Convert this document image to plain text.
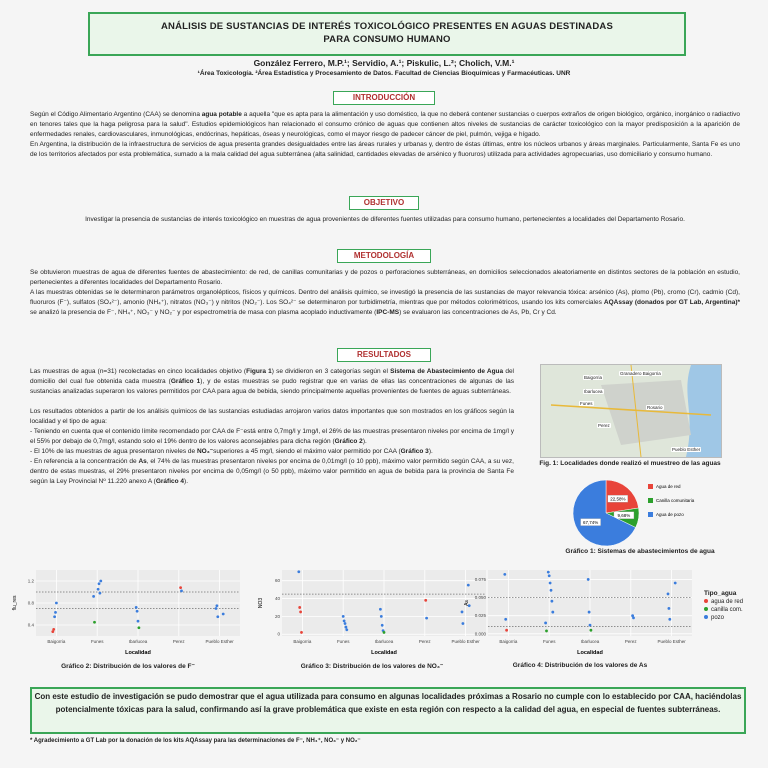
ANÁLISIS DE SUSTANCIAS DE INTERÉS TOXICOLÓGICO PRESENTES EN AGUAS DESTINADAS
PARA CONSUMO HUMANO
González Ferrero, M.P.¹; Servidio, A.¹; Piskulic, L.²; Cholich, V.M.¹
¹Área Toxicología. ²Área Estadística y Procesamiento de Datos. Facultad de Ciencias Bioquímicas y Farmacéuticas. UNR
INTRODUCCIÓN

Según el Código Alimentario Argentino (CAA) se denomina agua potable a aquella "que es apta para la alimentación y uso doméstico, la que no deberá contener sustancias o cuerpos extraños de origen biológico, orgánico, inorgánico o radiactivo en tenores tales que la haga peligrosa para la salud". Estudios epidemiológicos han relacionado el consumo crónico de aguas que contienen altos niveles de sustancias de carácter toxicológico con la mayor predisposición a la aparición de enfermedades renales, cardiovasculares, inmunológicas, endócrinas, hepáticas, óseas y neurológicas, como el mayor riesgo de padecer cáncer de piel, pulmón, vejiga e hígado.

En Argentina, la distribución de la infraestructura de servicios de agua presenta grandes desigualdades entre las áreas rurales y urbanas y, dentro de éstas últimas, entre los núcleos urbanos y áreas marginales. Particularmente, Santa Fe es uno de los territorios afectados por esta problemática, sumado a la mala calidad del agua subterránea (alta salinidad, cantidades elevadas de arsénico y fluoruros) utilizada para actividades agropecuarias, uso domiciliario y consumo humano.

OBJETIVO
Investigar la presencia de sustancias de interés toxicológico en muestras de agua provenientes de diferentes fuentes utilizadas para consumo humano, pertenecientes a localidades del Departamento Rosario.
METODOLOGÍA

Se obtuvieron muestras de agua de diferentes fuentes de abastecimiento: de red, de canillas comunitarias y de pozos o perforaciones subterráneas, en domicilios seleccionados aleatoriamente en distintos sectores de la población en estudio, pertenecientes a diferentes localidades del Departamento Rosario.

A las muestras obtenidas se le determinaron parámetros organolépticos, físicos y químicos. Dentro del análisis químico, se investigó la presencia de las sustancias de mayor relevancia tóxica: arsénico (As), plomo (Pb), cromo (Cr), cadmio (Cd), fluoruros (F⁻), sulfatos (SO₄²⁻), amonio (NH₄⁺), nitratos (NO₃⁻) y nitritos (NO₂⁻). Los SO₄²⁻ se determinaron por turbidimetría, mientras que por métodos colorimétricos, usando los kits comerciales AQAssay (donados por GT Lab, Argentina)* se analizó la presencia de F⁻, NH₄⁺, NO₃⁻ y NO₂⁻ y por espectrometría de masa con plasma acoplado inductivamente (IPC-MS) se evaluaron las concentraciones de As, Pb, Cr y Cd.

RESULTADOS

Las muestras de agua (n=31) recolectadas en cinco localidades objetivo (Figura 1) se dividieron en 3 categorías según el Sistema de Abastecimiento de Agua del domicilio del cual fue obtenida cada muestra (Gráfico 1), y de estas muestras se pudo registrar que en varias de ellas las concentraciones de algunas de las sustancias analizadas superaron los valores permitidos por CAA para agua de bebida, siendo principalmente aquellas provenientes de fuentes de aguas subterráneas.

Los resultados obtenidos a partir de los análisis químicos de las sustancias estudiadas arrojaron varios datos importantes que son mostrados en los gráficos según la localidad y el tipo de agua:

- Teniendo en cuenta que el contenido límite recomendado por CAA de F⁻está entre 0,7mg/l y 1mg/l, el 26% de las muestras presentaron niveles por encima de 1mg/l y el 55% por debajo de 0,7mg/l, estando solo el 19% dentro de los valores aconsejables para dicha región (Gráfico 2).

- El 10% de las muestras de agua presentaron niveles de NO₃⁻superiores a 45 mg/l, siendo el máximo valor permitido por CAA (Gráfico 3).

- En referencia a la concentración de As, el 74% de las muestras presentaron niveles por encima de 0,01mg/l (o 10 ppb), máximo valor permitido según CAA, a su vez, dentro de estas muestras, el 29% presentaron niveles por encima de 0,05mg/l (o 50 ppb), máximo valor permitido en agua de bebida para la provincia de Santa Fe según la Ley Provincial Nº 11.220 anexo A (Gráfico 4).

Baigorria
Granadero Baigorria
Ibarlucea
Funes
Rosario
Perez
Pueblo Esther
Fig. 1: Localidades donde realizó el muestreo de las aguas
22,58%
9,68%
67,74%
Agua de red
Canilla comunitaria
Agua de pozo
Gráfico 1: Sistemas de abastecimientos de agua
0.4
0.8
1.2
Baigorria	Funes	Ibarlucea	Perez	Pueblo Esther
Localidad
flu_res
0
20
40
60
Baigorria	Funes	Ibarlucea	Perez	Pueblo Esther
Localidad
NO3
0.000
0.025
0.050
0.075
Baigorria	Funes	Ibarlucea	Perez	Pueblo Esther
Localidad
As
Tipo_agua
agua de red
canilla com.
pozo
Gráfico 2: Distribución de los valores de F⁻	Gráfico 3: Distribución de los valores de NO₃⁻	Gráfico 4: Distribución de los valores de As
Con este estudio de investigación se pudo demostrar que el agua utilizada para consumo en algunas localidades próximas a Rosario no cumple con lo establecido por CAA, haciéndolas potencialmente tóxicas para la salud, confirmando así la grave problemática que existe en esta región con respecto a la calidad del agua, en especial de fuentes subterráneas.
* Agradecimiento a GT Lab por la donación de los kits AQAssay para las determinaciones de F⁻, NH₄⁺, NO₃⁻ y NO₂⁻
